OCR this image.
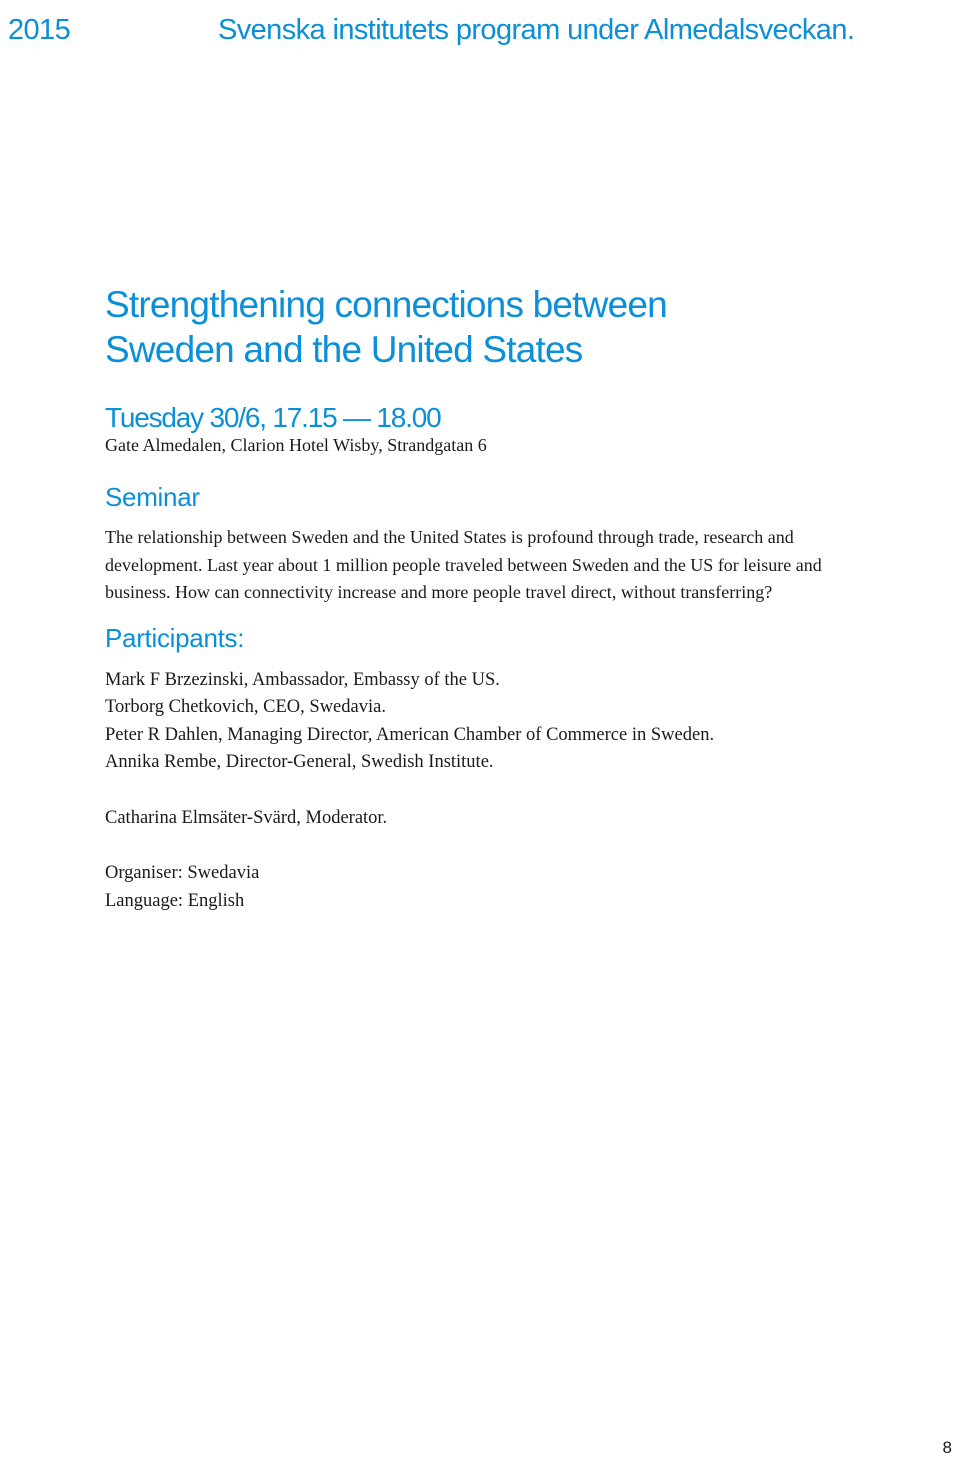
2015	Svenska institutets program under Almedalsveckan.
Strengthening connections between
Sweden and the United States
Tuesday 30/6, 17.15 — 18.00
Gate Almedalen, Clarion Hotel Wisby, Strandgatan 6
Seminar
The relationship between Sweden and the United States is profound through trade, research and development. Last year about 1 million people traveled between Sweden and the US for leisure and business. How can connectivity increase and more people travel direct, without transferring?
Participants:
Mark F Brzezinski, Ambassador, Embassy of the US.
Torborg Chetkovich, CEO, Swedavia.
Peter R Dahlen, Managing Director, American Chamber of Commerce in Sweden.
Annika Rembe, Director-General, Swedish Institute.
Catharina Elmsäter-Svärd, Moderator.
Organiser: Swedavia
Language: English
8
